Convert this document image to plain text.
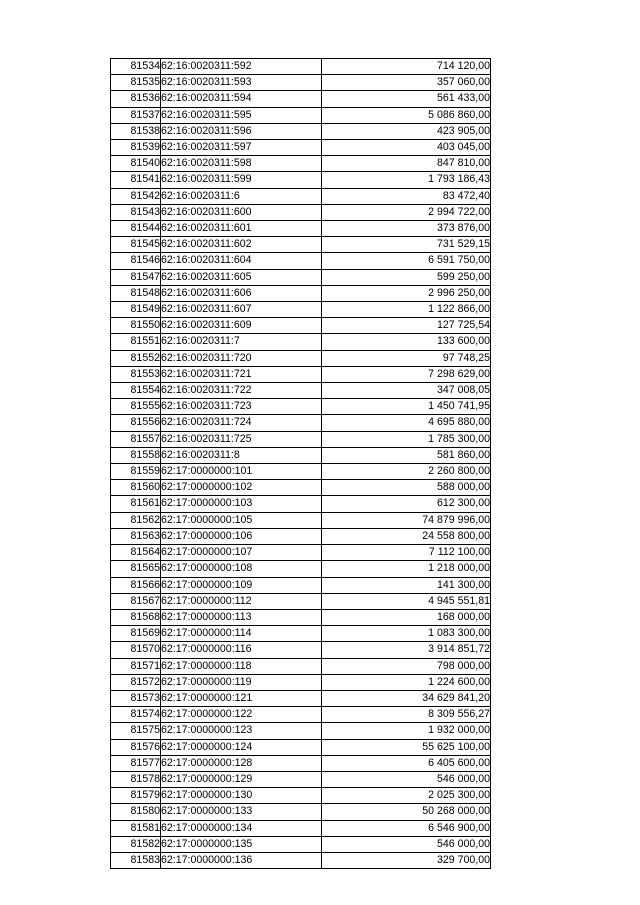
81534	62:16:0020311:592	714 120,00
81535	62:16:0020311:593	357 060,00
81536	62:16:0020311:594	561 433,00
81537	62:16:0020311:595	5 086 860,00
81538	62:16:0020311:596	423 905,00
81539	62:16:0020311:597	403 045,00
81540	62:16:0020311:598	847 810,00
81541	62:16:0020311:599	1 793 186,43
81542	62:16:0020311:6	83 472,40
81543	62:16:0020311:600	2 994 722,00
81544	62:16:0020311:601	373 876,00
81545	62:16:0020311:602	731 529,15
81546	62:16:0020311:604	6 591 750,00
81547	62:16:0020311:605	599 250,00
81548	62:16:0020311:606	2 996 250,00
81549	62:16:0020311:607	1 122 866,00
81550	62:16:0020311:609	127 725,54
81551	62:16:0020311:7	133 600,00
81552	62:16:0020311:720	97 748,25
81553	62:16:0020311:721	7 298 629,00
81554	62:16:0020311:722	347 008,05
81555	62:16:0020311:723	1 450 741,95
81556	62:16:0020311:724	4 695 880,00
81557	62:16:0020311:725	1 785 300,00
81558	62:16:0020311:8	581 860,00
81559	62:17:0000000:101	2 260 800,00
81560	62:17:0000000:102	588 000,00
81561	62:17:0000000:103	612 300,00
81562	62:17:0000000:105	74 879 996,00
81563	62:17:0000000:106	24 558 800,00
81564	62:17:0000000:107	7 112 100,00
81565	62:17:0000000:108	1 218 000,00
81566	62:17:0000000:109	141 300,00
81567	62:17:0000000:112	4 945 551,81
81568	62:17:0000000:113	168 000,00
81569	62:17:0000000:114	1 083 300,00
81570	62:17:0000000:116	3 914 851,72
81571	62:17:0000000:118	798 000,00
81572	62:17:0000000:119	1 224 600,00
81573	62:17:0000000:121	34 629 841,20
81574	62:17:0000000:122	8 309 556,27
81575	62:17:0000000:123	1 932 000,00
81576	62:17:0000000:124	55 625 100,00
81577	62:17:0000000:128	6 405 600,00
81578	62:17:0000000:129	546 000,00
81579	62:17:0000000:130	2 025 300,00
81580	62:17:0000000:133	50 268 000,00
81581	62:17:0000000:134	6 546 900,00
81582	62:17:0000000:135	546 000,00
81583	62:17:0000000:136	329 700,00
